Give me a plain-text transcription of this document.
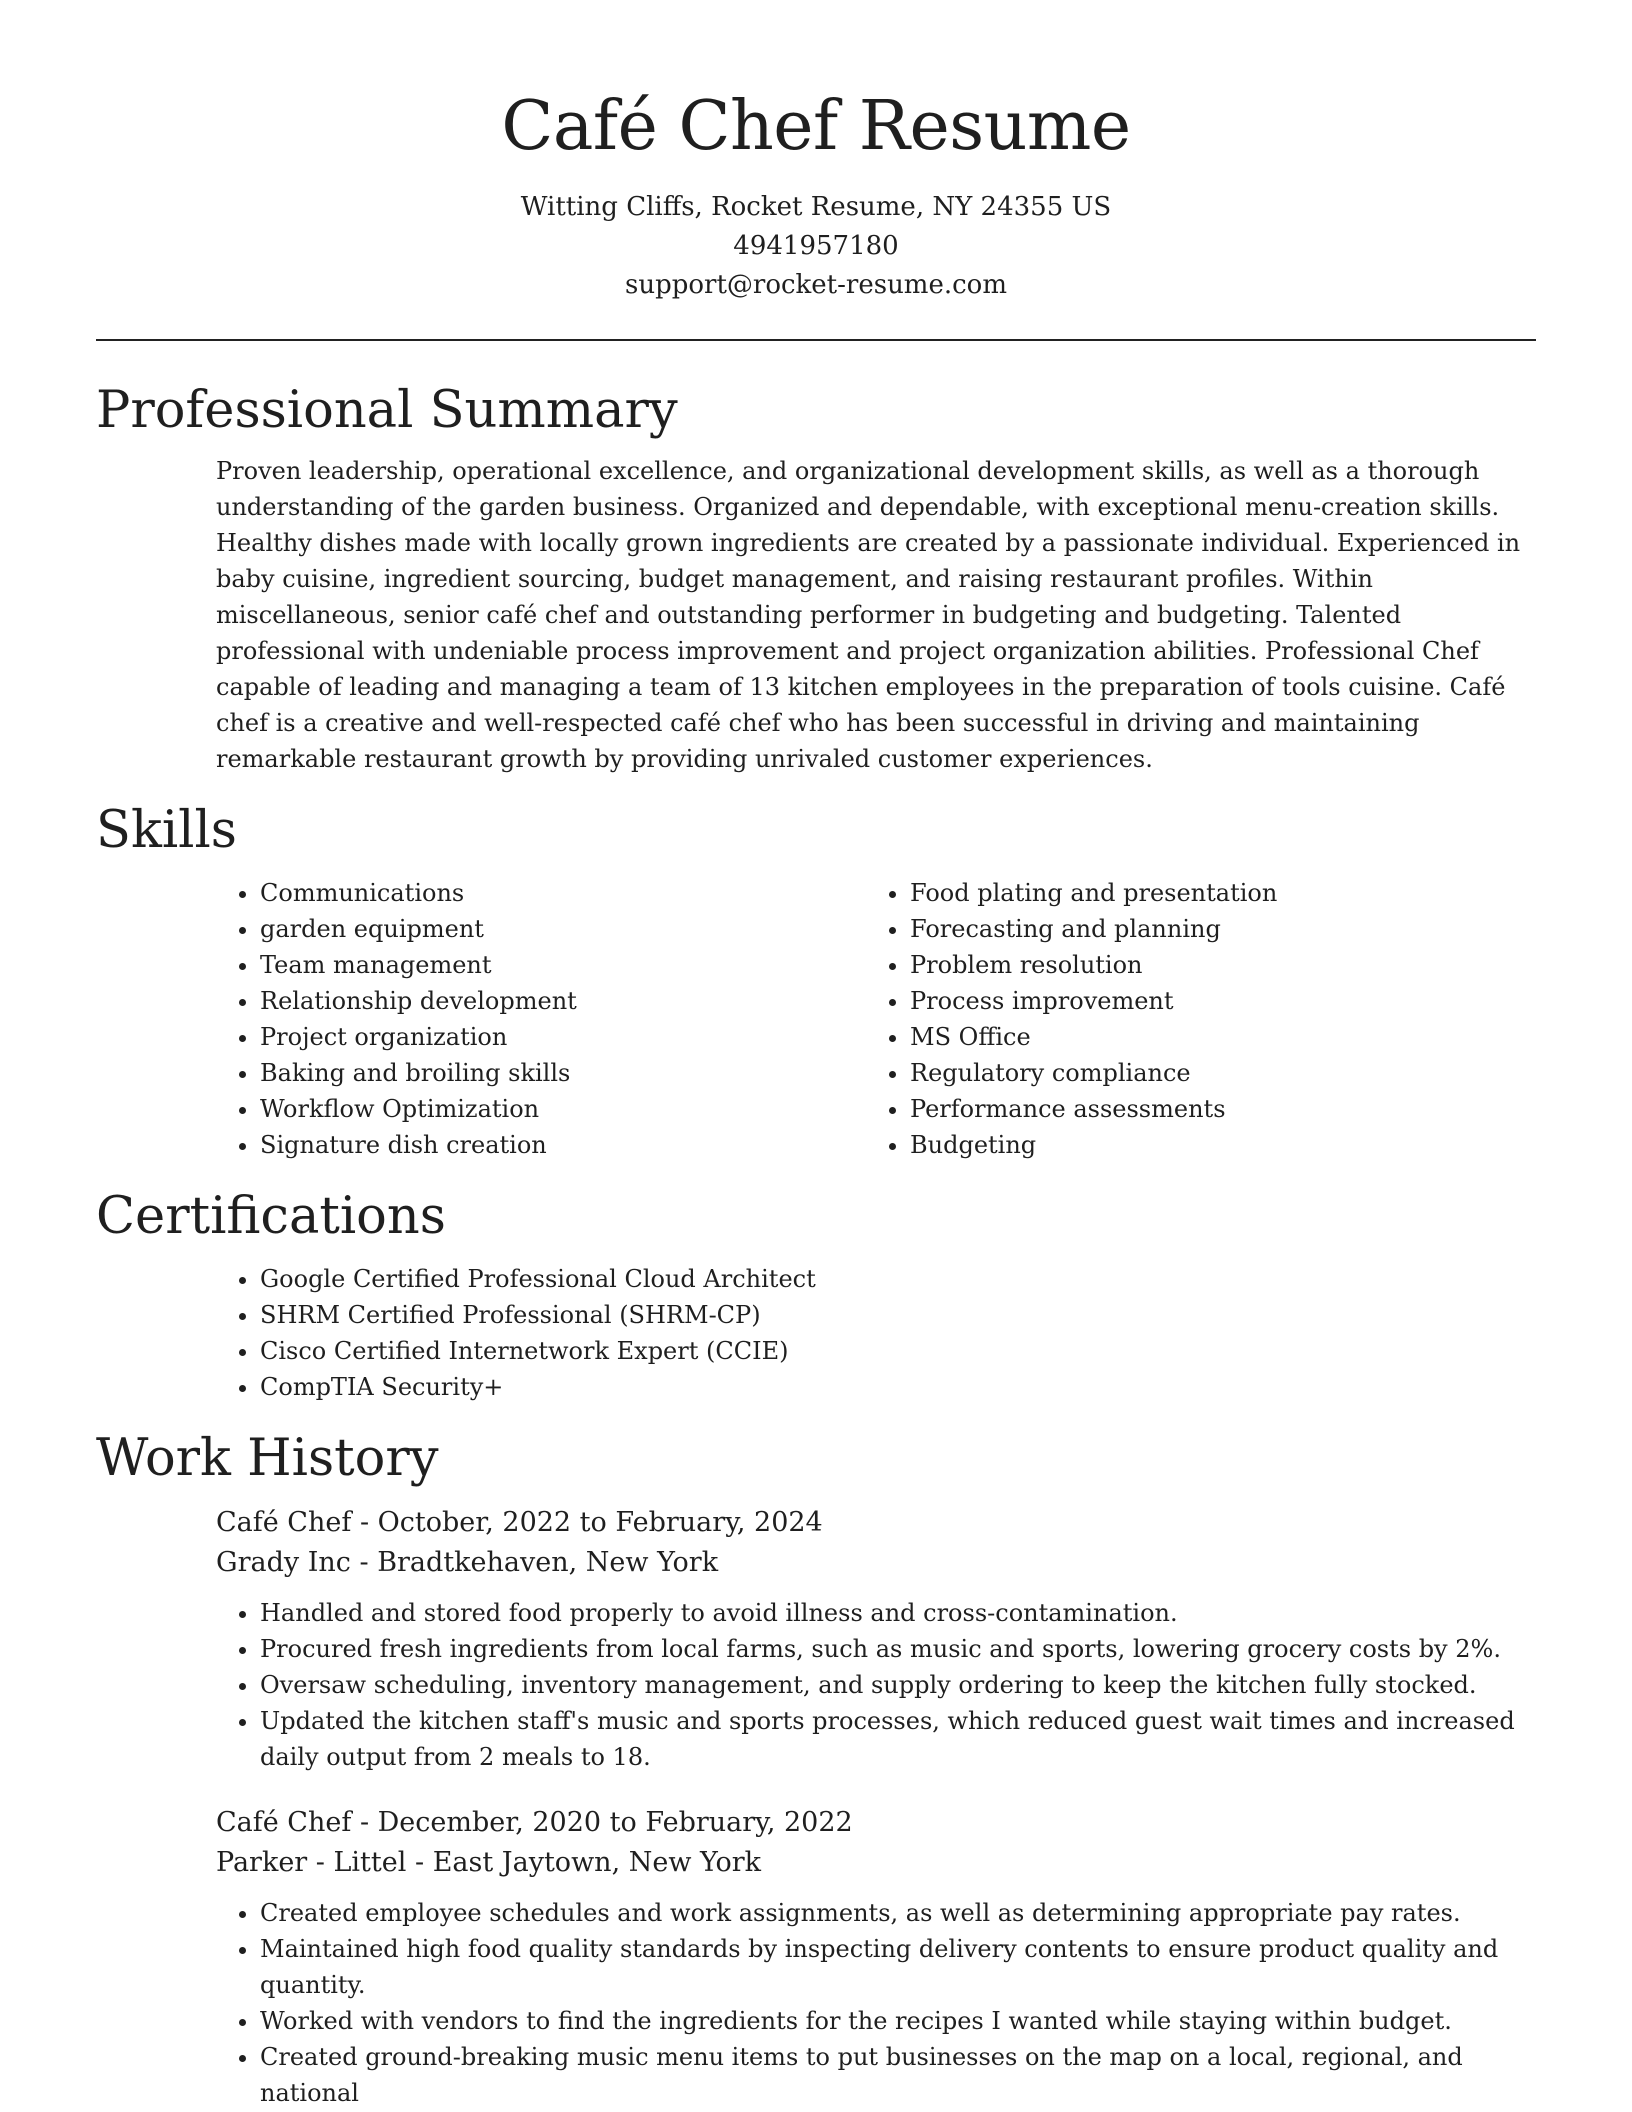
Café Chef Resume
Witting Cliffs, Rocket Resume, NY 24355 US
4941957180
support@rocket-resume.com
Professional Summary

Proven leadership, operational excellence, and organizational development skills, as well as a thorough understanding of the garden business. Organized and dependable, with exceptional menu-creation skills. Healthy dishes made with locally grown ingredients are created by a passionate individual. Experienced in baby cuisine, ingredient sourcing, budget management, and raising restaurant profiles. Within miscellaneous, senior café chef and outstanding performer in budgeting and budgeting. Talented professional with undeniable process improvement and project organization abilities. Professional Chef capable of leading and managing a team of 13 kitchen employees in the preparation of tools cuisine. Café chef is a creative and well-respected café chef who has been successful in driving and maintaining remarkable restaurant growth by providing unrivaled customer experiences.

Skills
• Communications
• garden equipment
• Team management
• Relationship development
• Project organization
• Baking and broiling skills
• Workflow Optimization
• Signature dish creation
• Food plating and presentation
• Forecasting and planning
• Problem resolution
• Process improvement
• MS Office
• Regulatory compliance
• Performance assessments
• Budgeting
Certifications
• Google Certified Professional Cloud Architect
• SHRM Certified Professional (SHRM-CP)
• Cisco Certified Internetwork Expert (CCIE)
• CompTIA Security+
Work History
Café Chef - October, 2022 to February, 2024
Grady Inc - Bradtkehaven, New York
• Handled and stored food properly to avoid illness and cross-contamination.
• Procured fresh ingredients from local farms, such as music and sports, lowering grocery costs by 2%.
• Oversaw scheduling, inventory management, and supply ordering to keep the kitchen fully stocked.
• Updated the kitchen staff's music and sports processes, which reduced guest wait times and increased daily output from 2 meals to 18.
Café Chef - December, 2020 to February, 2022
Parker - Littel - East Jaytown, New York
• Created employee schedules and work assignments, as well as determining appropriate pay rates.
• Maintained high food quality standards by inspecting delivery contents to ensure product quality and quantity.
• Worked with vendors to find the ingredients for the recipes I wanted while staying within budget.
• Created ground-breaking music menu items to put businesses on the map on a local, regional, and national
